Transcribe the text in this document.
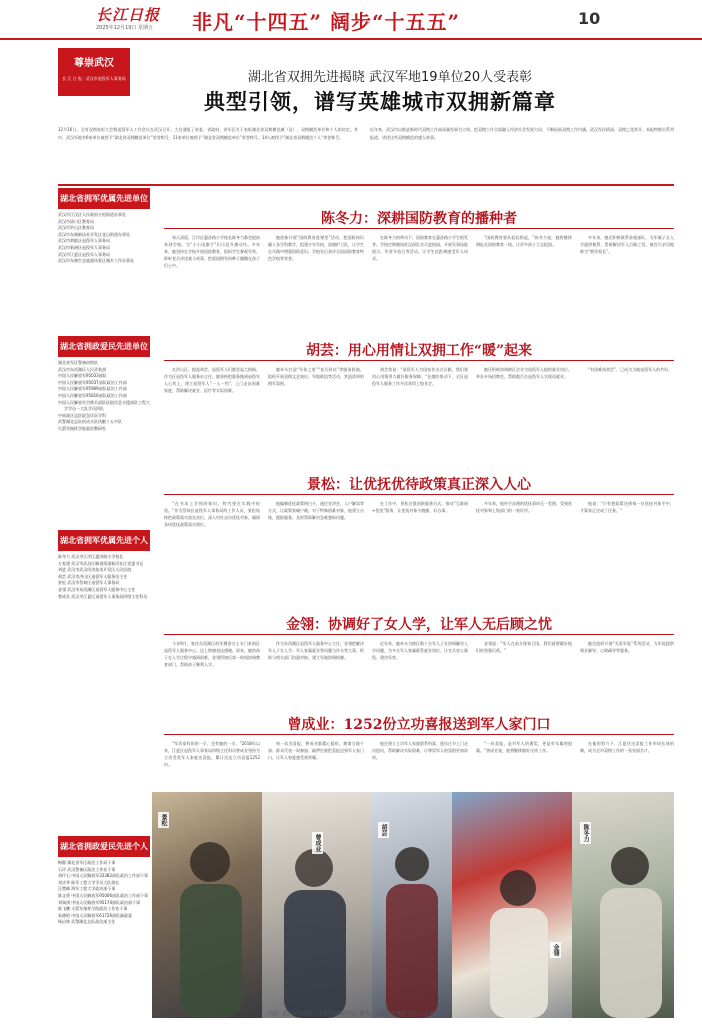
长江日报
2025年12月19日 星期五 非凡“十四五” 阔步“十五五”	10
尊崇武汉
长 江 日 报 · 武汉市退役军人事务局	湖北省双拥先进揭晓 武汉军地19单位20人受表彰
典型引领，谱写英雄城市双拥新篇章
12月16日，全省双拥表彰大会暨退役军人工作会议在武汉召开。大会通报了省委、省政府、省军区关于表彰湖北省双拥模范城（县）、双拥模范单位和个人的决定。其中，武汉军地有6家单位被授予“湖北省双拥模范单位”荣誉称号，11家单位被授予“湖北省双拥模范单位”荣誉称号，14人被授予“湖北省双拥模范个人”荣誉称号。
近年来，武汉市以推进新时代双拥工作高质量发展为主线，把双拥工作全面融入经济社会发展大局，不断拓展双拥工作内涵。武汉军民情深，双拥之花常开。本报特推出系列报道，讲述这些双拥模范的感人故事。
湖北省拥军优属先进单位
武汉市江汉区人民政府万松街道办事处
武汉市硚口区教育局
武汉市洪山区教育局
武汉市东湖新技术开发区花山街道办事处
武汉市黄陂区退役军人事务局
武汉市新洲区退役军人事务局
武汉市江夏区退役军人事务局
武汉市东湖生态旅游风景区城乡工作办事处
湖北省拥政爱民先进单位
湖北省军区警备纠察队
武汉市东西湖区人民武装部
中国人民解放军95033部队
中国人民解放军95037部队政治工作部
中国人民解放军95969部队政治工作部
中国人民解放军95816部队政治工作部
中国人民解放军空降兵部队医院信息支援部队工程大学学员一大队学员四队
中部战区总医院急诊医学科
武警湖北总队机动支队执勤十五中队
火箭军指挥学院政治教研室
湖北省拥军优属先进个人
陈冬力 武汉市江岸区惠济路小学校长
万家建 武汉市武昌区顺道街道新河社区党委书记
刘进 武汉市武汉经济技术开发区人民医院
胡芸 武汉市洪山区退役军人服务站主任
景松 武汉市蔡甸区退役军人事务局
金翎 武汉市东西湖区退役军人服务中心主任
曾成业 武汉市江夏区退役军人事务局四级主任科员
湖北省拥政爱民先进个人
梅静 湖北省军区政治工作局干事
石玲 武汉警备区政治工作处干事
胡仟石 中国人民解放军32382部队政治工作部干事
刘庆华 陆军工程大学学员大队排长
汪楚峰 海军工程大学政治部干事
陈文勇 中国人民解放军95006部队政治工作部干事
刘瑞祺 中国人民解放军95174部队政治部干事
陈飞鹏 火箭军指挥学院政治工作处干事
朱德昭 中国人民解放军61726部队副政委
杨启林 武警湖北总队政治部主任
陈冬力：深耕国防教育的播种者
每天清晨，江岸区惠济路小学校长陈冬力都会提前来到学校，为“小小国旗手”们示范升旗动作。多年来，她坚持在学校开展国防教育，组织学生参观军营、聆听老兵讲述战斗故事，把爱国拥军的种子播撒在孩子们心中。
她创新开展“国防教育进课堂”活动，把国防知识融入各学科教学，组建少年军校、国旗护卫队，让学生在实践中增强国防意识。学校先后获评全国国防教育特色学校等荣誉。
在陈冬力的带动下，国防教育在惠济路小学生根发芽。学校定期邀请驻汉部队官兵进校园，开展军事技能展示、军营开放日等活动，让学生近距离感受军人风采。
“国防教育要从娃娃抓起。”陈冬力说，她将继续耕耘在国防教育一线，让更多孩子立志报国。
多年来，她还积极联系驻地部队，为军属子女入学提供便利，帮助解决军人后顾之忧，被官兵亲切地称为“拥军校长”。
胡芸：用心用情让双拥工作“暖”起来
在洪山区，提起胡芸，退役军人们都竖起大拇指。作为区退役军人服务站主任，她坚持把服务做到退役军人心坎上，建立退役军人“一人一档”，上门走访困难家庭，帮助解决就业、医疗等实际困难。
她牵头打造“军休之家”“老兵驿站”等服务阵地，组织开展双拥文艺演出、军地联谊等活动，营造浓厚的拥军氛围。
胡芸常说：“退役军人为国家作出过贡献，我们要用心用情用力做好服务保障。”在她的推动下，全区退役军人服务工作多次获得上级肯定。
她还积极协调辖区企业为退役军人提供就业岗位，举办专场招聘会，帮助数百名退役军人实现再就业。
“有困难找胡芸”，已成为当地退役军人的共识。
景松：让优抚优待政策真正深入人心
“在书本上学到的知识，终究要在实践中检验。”作为蔡甸区退役军人事务局的工作人员，景松始终把政策落实放在首位，深入村社走访优抚对象，确保各项优抚政策落实到位。
他编制优抚政策明白卡，通过宣讲会、入户解读等方式，让政策家喻户晓。对于特殊困难对象，他建立台账，跟踪服务，及时帮助解决急难愁盼问题。
在工作中，景松注重创新服务方式，推动“互联网+优抚”服务，让优抚对象少跑腿、好办事。
多年来，他经手办理的优抚事项无一差错，受到优抚对象和上级部门的一致好评。
他说：“只有把政策送到每一位优抚对象手中，才算真正完成了任务。”
金翎：协调好了女人学，让军人无后顾之忧
今年9月，家住东西湖区的军嫂金女士专门来到区退役军人服务中心，送上锦旗表达感谢。原来，她的孩子在入学过程中遇到困难，金翎得知后第一时间协调教育部门，帮助孩子顺利入学。
作为东西湖区退役军人服务中心主任，金翎把解决军人子女入学、军人家属就业等问题当作头等大事，积极与相关部门沟通对接，建立军地协调机制。
近年来，她牵头为辖区数十名军人子女协调解决入学问题，为多名军人家属联系就业岗位，让官兵安心服役、建功军营。
金翎说：“军人在前方保家卫国，我们就要做好他们的坚强后盾。”
她还组织开展“关爱军娃”系列活动，为军娃提供课业辅导、心理疏导等服务。
曾成业：1252份立功喜报送到军人家门口
“军功章有你的一半，也有她的一半。”2018年以来，江夏区退役军人事务局四级主任科员曾成业坚持为立功受奖军人家庭送喜报，累计送达立功喜报1252份。
每一次送喜报，曾成业都精心组织，邀请当地干部、群众代表一同参加，敲锣打鼓把喜报送到军人家门口，让军人家庭感受到荣耀。
他还建立立功军人家庭联系档案，逢年过节上门走访慰问，帮助解决实际困难，让尊崇军人的氛围更加浓厚。
“一份喜报，是对军人的褒奖，更是对军属的慰藉。”曾成业说，他将继续做好这项工作。
在他的努力下，江夏区送喜报工作形成长效机制，成为全市双拥工作的一张亮丽名片。
景松
曾成业
胡芸
金翎
陈冬力
出品：武汉市退役军人事务局融媒体中心 撰文：丁振琪 朱琳妮 刘芯 石昌瑞
